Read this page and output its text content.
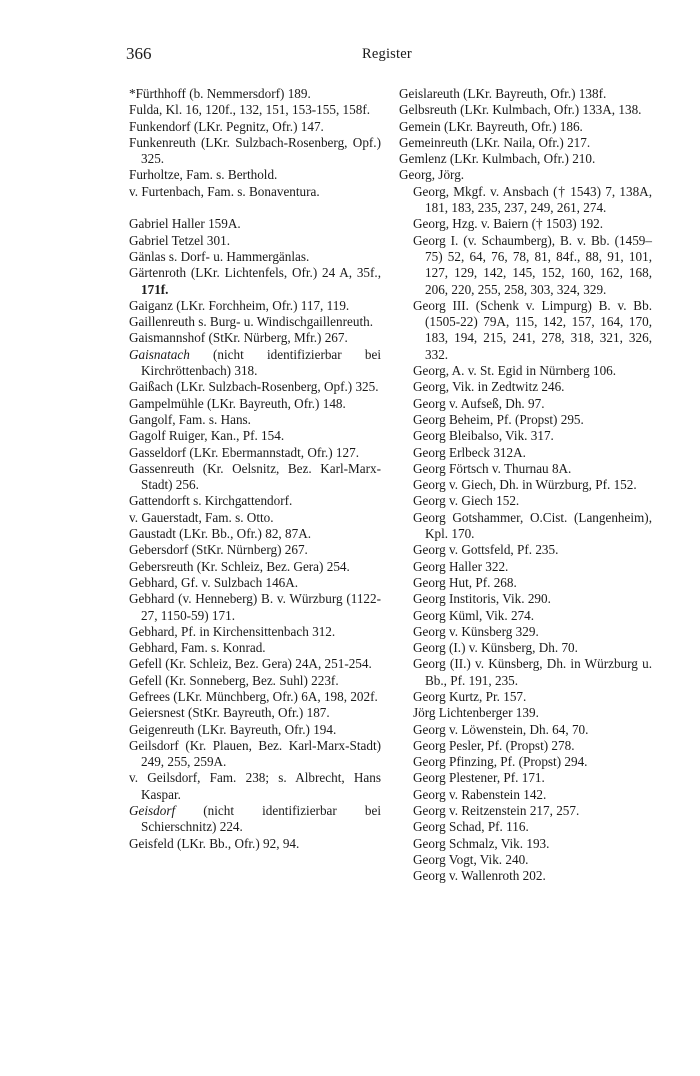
366	Register

*Fürthhoff (b. Nemmersdorf) 189.

Fulda, Kl. 16, 120f., 132, 151, 153-155, 158f.

Funkendorf (LKr. Pegnitz, Ofr.) 147.

Funkenreuth (LKr. Sulzbach-Rosenberg, Opf.) 325.

Furholtze, Fam. s. Berthold.

v. Furtenbach, Fam. s. Bonaventura.

Gabriel Haller 159A.

Gabriel Tetzel 301.

Gänlas s. Dorf- u. Hammergänlas.

Gärtenroth (LKr. Lichtenfels, Ofr.) 24 A, 35f., 171f.

Gaiganz (LKr. Forchheim, Ofr.) 117, 119.

Gaillenreuth s. Burg- u. Windischgaillenreuth.

Gaismannshof (StKr. Nürberg, Mfr.) 267.

Gaisnatach (nicht identifizierbar bei Kirchröttenbach) 318.

Gaißach (LKr. Sulzbach-Rosenberg, Opf.) 325.

Gampelmühle (LKr. Bayreuth, Ofr.) 148.

Gangolf, Fam. s. Hans.

Gagolf Ruiger, Kan., Pf. 154.

Gasseldorf (LKr. Ebermannstadt, Ofr.) 127.

Gassenreuth (Kr. Oelsnitz, Bez. Karl-Marx-Stadt) 256.

Gattendorft s. Kirchgattendorf.

v. Gauerstadt, Fam. s. Otto.

Gaustadt (LKr. Bb., Ofr.) 82, 87A.

Gebersdorf (StKr. Nürnberg) 267.

Gebersreuth (Kr. Schleiz, Bez. Gera) 254.

Gebhard, Gf. v. Sulzbach 146A.

Gebhard (v. Henneberg) B. v. Würzburg (1122-27, 1150-59) 171.

Gebhard, Pf. in Kirchensittenbach 312.

Gebhard, Fam. s. Konrad.

Gefell (Kr. Schleiz, Bez. Gera) 24A, 251-254.

Gefell (Kr. Sonneberg, Bez. Suhl) 223f.

Gefrees (LKr. Münchberg, Ofr.) 6A, 198, 202f.

Geiersnest (StKr. Bayreuth, Ofr.) 187.

Geigenreuth (LKr. Bayreuth, Ofr.) 194.

Geilsdorf (Kr. Plauen, Bez. Karl-Marx-Stadt) 249, 255, 259A.

v. Geilsdorf, Fam. 238; s. Albrecht, Hans Kaspar.

Geisdorf (nicht identifizierbar bei Schierschnitz) 224.

Geisfeld (LKr. Bb., Ofr.) 92, 94.

Geislareuth (LKr. Bayreuth, Ofr.) 138f.

Gelbsreuth (LKr. Kulmbach, Ofr.) 133A, 138.

Gemein (LKr. Bayreuth, Ofr.) 186.

Gemeinreuth (LKr. Naila, Ofr.) 217.

Gemlenz (LKr. Kulmbach, Ofr.) 210.

Georg, Jörg.

Georg, Mkgf. v. Ansbach († 1543) 7, 138A, 181, 183, 235, 237, 249, 261, 274.

Georg, Hzg. v. Baiern († 1503) 192.

Georg I. (v. Schaumberg), B. v. Bb. (1459–75) 52, 64, 76, 78, 81, 84f., 88, 91, 101, 127, 129, 142, 145, 152, 160, 162, 168, 206, 220, 255, 258, 303, 324, 329.

Georg III. (Schenk v. Limpurg) B. v. Bb. (1505-22) 79A, 115, 142, 157, 164, 170, 183, 194, 215, 241, 278, 318, 321, 326, 332.

Georg, A. v. St. Egid in Nürnberg 106.

Georg, Vik. in Zedtwitz 246.

Georg v. Aufseß, Dh. 97.

Georg Beheim, Pf. (Propst) 295.

Georg Bleibalso, Vik. 317.

Georg Erlbeck 312A.

Georg Förtsch v. Thurnau 8A.

Georg v. Giech, Dh. in Würzburg, Pf. 152.

Georg v. Giech 152.

Georg Gotshammer, O.Cist. (Langenheim), Kpl. 170.

Georg v. Gottsfeld, Pf. 235.

Georg Haller 322.

Georg Hut, Pf. 268.

Georg Institoris, Vik. 290.

Georg Küml, Vik. 274.

Georg v. Künsberg 329.

Georg (I.) v. Künsberg, Dh. 70.

Georg (II.) v. Künsberg, Dh. in Würzburg u. Bb., Pf. 191, 235.

Georg Kurtz, Pr. 157.

Jörg Lichtenberger 139.

Georg v. Löwenstein, Dh. 64, 70.

Georg Pesler, Pf. (Propst) 278.

Georg Pfinzing, Pf. (Propst) 294.

Georg Plestener, Pf. 171.

Georg v. Rabenstein 142.

Georg v. Reitzenstein 217, 257.

Georg Schad, Pf. 116.

Georg Schmalz, Vik. 193.

Georg Vogt, Vik. 240.

Georg v. Wallenroth 202.
